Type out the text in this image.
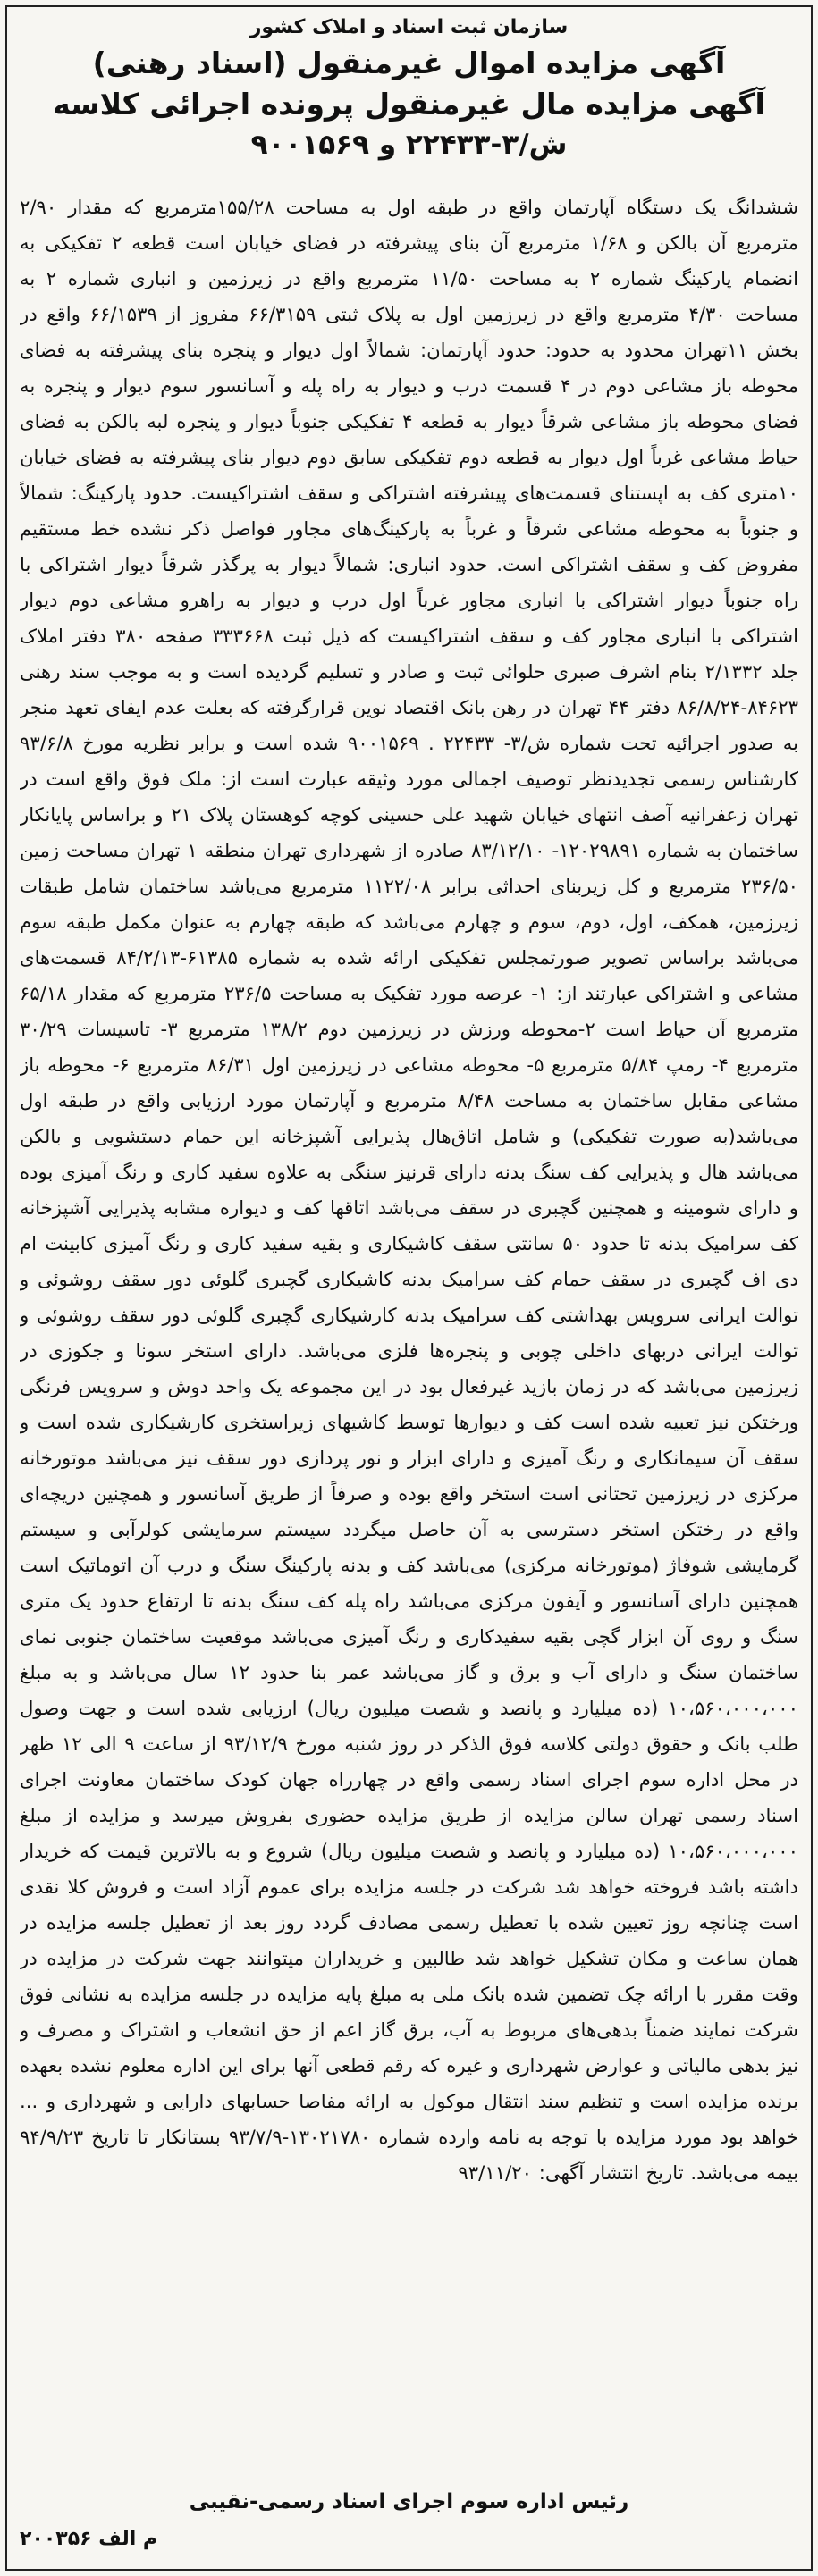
سازمان ثبت اسناد و املاک کشور

آگهی مزایده اموال غیرمنقول (اسناد رهنی)

آگهی مزایده مال غیرمنقول پرونده اجرائی کلاسه

ش/۳-۲۲۴۳۳ و ۹۰۰۱۵۶۹

ششدانگ یک دستگاه آپارتمان واقع در طبقه اول به مساحت ۱۵۵/۲۸مترمربع که مقدار ۲/۹۰ مترمربع آن بالکن و ۱/۶۸ مترمربع آن بنای پیشرفته در فضای خیابان است قطعه ۲ تفکیکی به انضمام پارکینگ شماره ۲ به مساحت ۱۱/۵۰ مترمربع واقع در زیرزمین و انباری شماره ۲ به مساحت ۴/۳۰ مترمربع واقع در زیرزمین اول به پلاک ثبتی ۶۶/۳۱۵۹ مفروز از ۶۶/۱۵۳۹ واقع در بخش ۱۱تهران محدود به حدود: حدود آپارتمان: شمالاً اول دیوار و پنجره بنای پیشرفته به فضای محوطه باز مشاعی دوم در ۴ قسمت درب و دیوار به راه پله و آسانسور سوم دیوار و پنجره به فضای محوطه باز مشاعی شرقاً دیوار به قطعه ۴ تفکیکی جنوباً دیوار و پنجره لبه بالکن به فضای حیاط مشاعی غرباً اول دیوار به قطعه دوم تفکیکی سابق دوم دیوار بنای پیشرفته به فضای خیابان ۱۰متری کف به اپستنای قسمت‌های پیشرفته اشتراکی و سقف اشتراکیست. حدود پارکینگ: شمالاً و جنوباً به محوطه مشاعی شرقاً و غرباً به پارکینگ‌های مجاور فواصل ذکر نشده خط مستقیم مفروض کف و سقف اشتراکی است. حدود انباری: شمالاً دیوار به پرگذر شرقاً دیوار اشتراکی با راه جنوباً دیوار اشتراکی با انباری مجاور غرباً اول درب و دیوار به راهرو مشاعی دوم دیوار اشتراکی با انباری مجاور کف و سقف اشتراکیست که ذیل ثبت ۳۳۳۶۶۸ صفحه ۳۸۰ دفتر املاک جلد ۲/۱۳۳۲ بنام اشرف صبری حلوائی ثبت و صادر و تسلیم گردیده است و به موجب سند رهنی ۸۴۶۲۳-۸۶/۸/۲۴ دفتر ۴۴ تهران در رهن بانک اقتصاد نوین قرارگرفته که بعلت عدم ایفای تعهد منجر به صدور اجرائیه تحت شماره ش/۳- ۲۲۴۳۳ . ۹۰۰۱۵۶۹ شده است و برابر نظریه مورخ ۹۳/۶/۸ کارشناس رسمی تجدیدنظر توصیف اجمالی مورد وثیقه عبارت است از: ملک فوق واقع است در تهران زعفرانیه آصف انتهای خیابان شهید علی حسینی کوچه کوهستان پلاک ۲۱ و براساس پایانکار ساختمان به شماره ۱۲۰۲۹۸۹۱- ۸۳/۱۲/۱۰ صادره از شهرداری تهران منطقه ۱ تهران مساحت زمین ۲۳۶/۵۰ مترمربع و کل زیربنای احداثی برابر ۱۱۲۲/۰۸ مترمربع می‌باشد ساختمان شامل طبقات زیرزمین، همکف، اول، دوم، سوم و چهارم می‌باشد که طبقه چهارم به عنوان مکمل طبقه سوم می‌باشد براساس تصویر صورتمجلس تفکیکی ارائه شده به شماره ۶۱۳۸۵-۸۴/۲/۱۳ قسمت‌های مشاعی و اشتراکی عبارتند از: ۱- عرصه مورد تفکیک به مساحت ۲۳۶/۵ مترمربع که مقدار ۶۵/۱۸ مترمربع آن حیاط است ۲-محوطه ورزش در زیرزمین دوم ۱۳۸/۲ مترمربع ۳- تاسیسات ۳۰/۲۹ مترمربع ۴- رمپ ۵/۸۴ مترمربع ۵- محوطه مشاعی در زیرزمین اول ۸۶/۳۱ مترمربع ۶- محوطه باز مشاعی مقابل ساختمان به مساحت ۸/۴۸ مترمربع و آپارتمان مورد ارزیابی واقع در طبقه اول می‌باشد(به صورت تفکیکی) و شامل اتاق‌هال پذیرایی آشپزخانه این حمام دستشویی و بالکن می‌باشد هال و پذیرایی کف سنگ بدنه دارای قرنیز سنگی به علاوه سفید کاری و رنگ آمیزی بوده و دارای شومینه و همچنین گچبری در سقف می‌باشد اتاقها کف و دیواره مشابه پذیرایی آشپزخانه کف سرامیک بدنه تا حدود ۵۰ سانتی سقف کاشیکاری و بقیه سفید کاری و رنگ آمیزی کابینت ام دی اف گچبری در سقف حمام کف سرامیک بدنه کاشیکاری گچبری گلوئی دور سقف روشوئی و توالت ایرانی سرویس بهداشتی کف سرامیک بدنه کارشیکاری گچبری گلوئی دور سقف روشوئی و توالت ایرانی دربهای داخلی چوبی و پنجره‌ها فلزی می‌باشد. دارای استخر سونا و جکوزی در زیرزمین می‌باشد که در زمان بازید غیرفعال بود در این مجموعه یک واحد دوش و سرویس فرنگی ورختکن نیز تعبیه شده است کف و دیوارها توسط کاشیهای زیراستخری کارشیکاری شده است و سقف آن سیمانکاری و رنگ آمیزی و دارای ابزار و نور پردازی دور سقف نیز می‌باشد موتورخانه مرکزی در زیرزمین تحتانی است استخر واقع بوده و صرفاً از طریق آسانسور و همچنین دریچه‌ای واقع در رختکن استخر دسترسی به آن حاصل میگردد سیستم سرمایشی کولرآبی و سیستم گرمایشی شوفاژ (موتورخانه مرکزی) می‌باشد کف و بدنه پارکینگ سنگ و درب آن اتوماتیک است همچنین دارای آسانسور و آیفون مرکزی می‌باشد راه پله کف سنگ بدنه تا ارتفاع حدود یک متری سنگ و روی آن ابزار گچی بقیه سفیدکاری و رنگ آمیزی می‌باشد موقعیت ساختمان جنوبی نمای ساختمان سنگ و دارای آب و برق و گاز می‌باشد عمر بنا حدود ۱۲ سال می‌باشد و به مبلغ ۱۰،۵۶۰،۰۰۰،۰۰۰ (ده میلیارد و پانصد و شصت میلیون ریال) ارزیابی شده است و جهت وصول طلب بانک و حقوق دولتی کلاسه فوق الذکر در روز شنبه مورخ ۹۳/۱۲/۹ از ساعت ۹ الی ۱۲ ظهر در محل اداره سوم اجرای اسناد رسمی واقع در چهارراه جهان کودک ساختمان معاونت اجرای اسناد رسمی تهران سالن مزایده از طریق مزایده حضوری بفروش میرسد و مزایده از مبلغ ۱۰،۵۶۰،۰۰۰،۰۰۰ (ده میلیارد و پانصد و شصت میلیون ریال) شروع و به بالاترین قیمت که خریدار داشته باشد فروخته خواهد شد شرکت در جلسه مزایده برای عموم آزاد است و فروش کلا نقدی است چنانچه روز تعیین شده با تعطیل رسمی مصادف گردد روز بعد از تعطیل جلسه مزایده در همان ساعت و مکان تشکیل خواهد شد طالبین و خریداران میتوانند جهت شرکت در مزایده در وقت مقرر با ارائه چک تضمین شده بانک ملی به مبلغ پایه مزایده در جلسه مزایده به نشانی فوق شرکت نمایند ضمناً بدهی‌های مربوط به آب، برق گاز اعم از حق انشعاب و اشتراک و مصرف و نیز بدهی مالیاتی و عوارض شهرداری و غیره که رقم قطعی آنها برای این اداره معلوم نشده بعهده برنده مزایده است و تنظیم سند انتقال موکول به ارائه مفاصا حسابهای دارایی و شهرداری و ... خواهد بود مورد مزایده با توجه به نامه وارده شماره ۱۳۰۲۱۷۸۰-۹۳/۷/۹ بستانکار تا تاریخ ۹۴/۹/۲۳ بیمه می‌باشد. تاریخ انتشار آگهی: ۹۳/۱۱/۲۰

رئیس اداره سوم اجرای اسناد رسمی-نقیبی
م الف ۲۰۰۳۵۶
